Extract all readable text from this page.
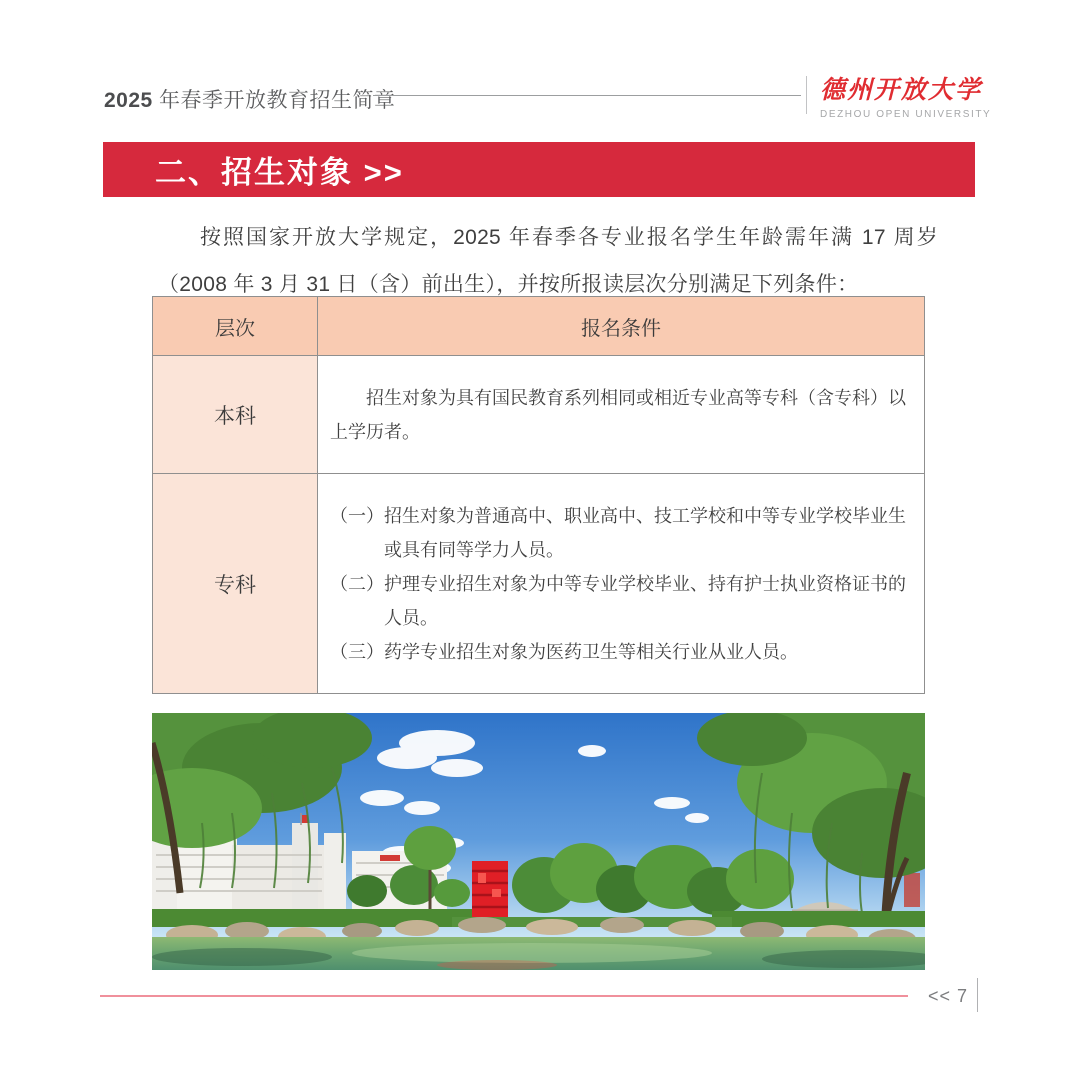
2025 年春季开放教育招生简章	德州开放大学
DEZHOU OPEN UNIVERSITY
二、招生对象 >>

按照国家开放大学规定，2025 年春季各专业报名学生年龄需年满 17 周岁（2008 年 3 月 31 日（含）前出生），并按所报读层次分别满足下列条件：

层次	报名条件
本科	招生对象为具有国民教育系列相同或相近专业高等专科（含专科）以上学历者。

专科	（一）招生对象为普通高中、职业高中、技工学校和中等专业学校毕业生或具有同等学力人员。

（二）护理专业招生对象为中等专业学校毕业、持有护士执业资格证书的人员。

（三）药学专业招生对象为医药卫生等相关行业从业人员。

<< 7
